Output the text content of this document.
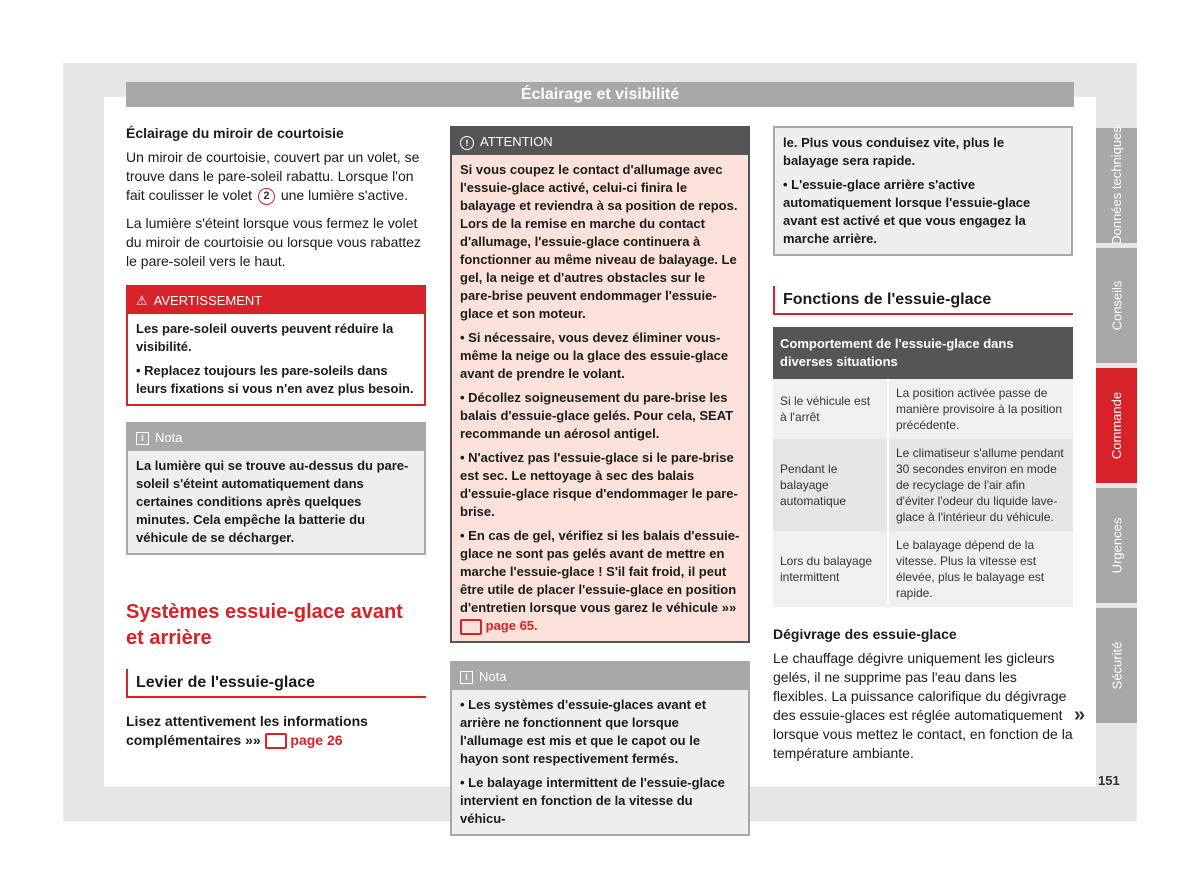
Éclairage et visibilité
Éclairage du miroir de courtoisie

Un miroir de courtoisie, couvert par un volet, se trouve dans le pare-soleil rabattu. Lorsque l'on fait coulisser le volet 2 une lumière s'active.

La lumière s'éteint lorsque vous fermez le volet du miroir de courtoisie ou lorsque vous rabattez le pare-soleil vers le haut.

⚠ AVERTISSEMENT

Les pare-soleil ouverts peuvent réduire la visibilité.

• Replacez toujours les pare-soleils dans leurs fixations si vous n'en avez plus besoin.

i Nota

La lumière qui se trouve au-dessus du pare-soleil s'éteint automatiquement dans certaines conditions après quelques minutes. Cela empêche la batterie du véhicule de se décharger.

Systèmes essuie-glace avant et arrière
Levier de l'essuie-glace

Lisez attentivement les informations complémentaires »» page 26

! ATTENTION

Si vous coupez le contact d'allumage avec l'essuie-glace activé, celui-ci finira le balayage et reviendra à sa position de repos. Lors de la remise en marche du contact d'allumage, l'essuie-glace continuera à fonctionner au même niveau de balayage. Le gel, la neige et d'autres obstacles sur le pare-brise peuvent endommager l'essuie-glace et son moteur.

• Si nécessaire, vous devez éliminer vous-même la neige ou la glace des essuie-glace avant de prendre le volant.

• Décollez soigneusement du pare-brise les balais d'essuie-glace gelés. Pour cela, SEAT recommande un aérosol antigel.

• N'activez pas l'essuie-glace si le pare-brise est sec. Le nettoyage à sec des balais d'essuie-glace risque d'endommager le pare-brise.

• En cas de gel, vérifiez si les balais d'essuie-glace ne sont pas gelés avant de mettre en marche l'essuie-glace ! S'il fait froid, il peut être utile de placer l'essuie-glace en position d'entretien lorsque vous garez le véhicule »»  page 65.

i Nota

• Les systèmes d'essuie-glaces avant et arrière ne fonctionnent que lorsque l'allumage est mis et que le capot ou le hayon sont respectivement fermés.

• Le balayage intermittent de l'essuie-glace intervient en fonction de la vitesse du véhicu-

le. Plus vous conduisez vite, plus le balayage sera rapide.

• L'essuie-glace arrière s'active automatiquement lorsque l'essuie-glace avant est activé et que vous engagez la marche arrière.

Fonctions de l'essuie-glace
Comportement de l'essuie-glace dans diverses situations	
Si le véhicule est à l'arrêt	La position activée passe de manière provisoire à la position précédente.
Pendant le balayage automatique	Le climatiseur s'allume pendant 30 secondes environ en mode de recyclage de l'air afin d'éviter l'odeur du liquide lave-glace à l'intérieur du véhicule.
Lors du balayage intermittent	Le balayage dépend de la vitesse. Plus la vitesse est élevée, plus le balayage est rapide.
Dégivrage des essuie-glace

Le chauffage dégivre uniquement les gicleurs gelés, il ne supprime pas l'eau dans les flexibles. La puissance calorifique du dégivrage des essuie-glaces est réglée automatiquement lorsque vous mettez le contact, en fonction de la température ambiante.

»
Données techniques
Conseils
Commande
Urgences
Sécurité
151
